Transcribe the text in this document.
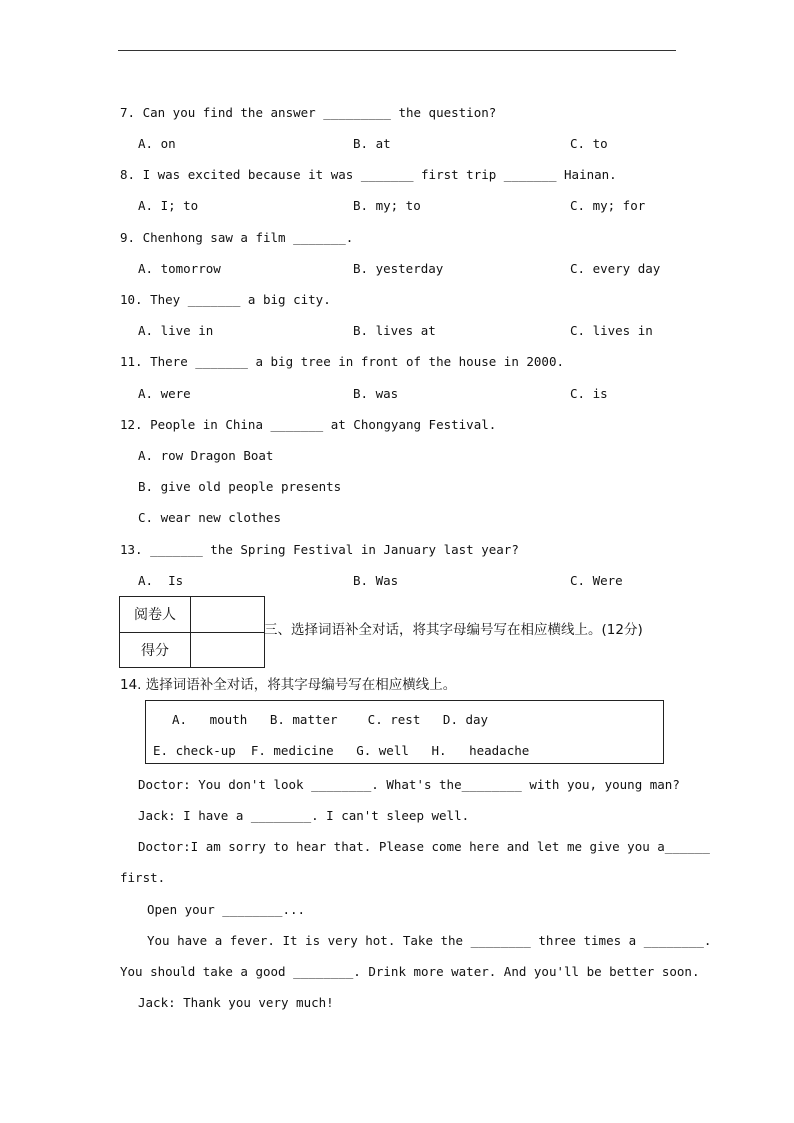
7. Can you find the answer _________ the question?
A. on	B. at	C. to
8. I was excited because it was _______ first trip _______ Hainan.
A. I; to	B. my; to	C. my; for
9. Chenhong saw a film _______.
A. tomorrow	B. yesterday	C. every day
10. They _______ a big city.
A. live in	B. lives at	C. lives in
11. There _______ a big tree in front of the house in 2000.
A. were	B. was	C. is
12. People in China _______ at Chongyang Festival.
A. row Dragon Boat
B. give old people presents
C. wear new clothes
13. _______ the Spring Festival in January last year?
A.  Is	B. Was	C. Were
阅卷人	
得分	
三、选择词语补全对话，将其字母编号写在相应横线上。(12分)
14. 选择词语补全对话，将其字母编号写在相应横线上。
A.   mouth   B. matter    C. rest   D. day
E. check-up  F. medicine   G. well   H.   headache
Doctor: You don't look ________. What's the________ with you, young man?
Jack: I have a ________. I can't sleep well.
Doctor:I am sorry to hear that. Please come here and let me give you a______
first.
Open your ________...
You have a fever. It is very hot. Take the ________ three times a ________.
You should take a good ________. Drink more water. And you'll be better soon.
Jack: Thank you very much!
